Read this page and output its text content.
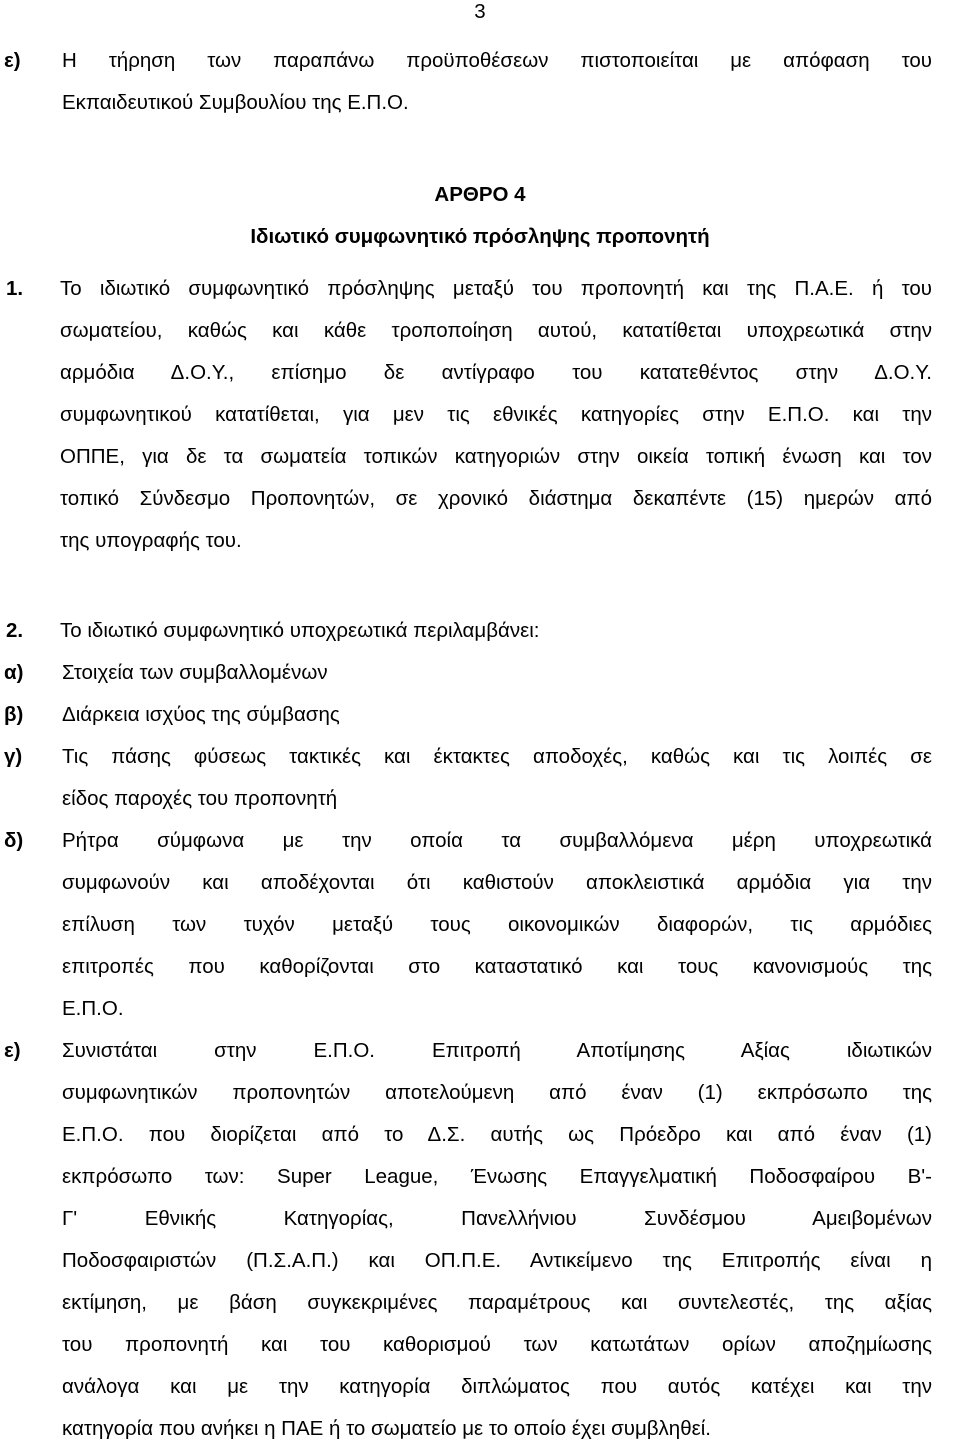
3
ε)	Η τήρηση των παραπάνω προϋποθέσεων πιστοποιείται με απόφαση του
Εκπαιδευτικού Συμβουλίου της Ε.Π.Ο.
ΑΡΘΡΟ 4
Ιδιωτικό συμφωνητικό πρόσληψης προπονητή
1.	Το ιδιωτικό συμφωνητικό πρόσληψης μεταξύ του προπονητή και της Π.Α.Ε. ή του
σωματείου, καθώς και κάθε τροποποίηση αυτού, κατατίθεται υποχρεωτικά στην
αρμόδια Δ.Ο.Υ., επίσημο δε αντίγραφο του κατατεθέντος στην Δ.Ο.Υ.
συμφωνητικού κατατίθεται, για μεν τις εθνικές κατηγορίες στην Ε.Π.Ο. και την
ΟΠΠΕ, για δε τα σωματεία τοπικών κατηγοριών στην οικεία τοπική ένωση και τον
τοπικό Σύνδεσμο Προπονητών, σε χρονικό διάστημα δεκαπέντε (15) ημερών από
της υπογραφής του.
2.	Το ιδιωτικό συμφωνητικό υποχρεωτικά περιλαμβάνει:
α)	Στοιχεία των συμβαλλομένων
β)	Διάρκεια ισχύος της σύμβασης
γ)	Τις πάσης φύσεως τακτικές και έκτακτες αποδοχές, καθώς και τις λοιπές σε
είδος παροχές του προπονητή
δ)	Ρήτρα σύμφωνα με την οποία τα συμβαλλόμενα μέρη υποχρεωτικά
συμφωνούν και αποδέχονται ότι καθιστούν αποκλειστικά αρμόδια για την
επίλυση των τυχόν μεταξύ τους οικονομικών διαφορών, τις αρμόδιες
επιτροπές που καθορίζονται στο καταστατικό και τους κανονισμούς της
Ε.Π.Ο.
ε)	Συνιστάται στην Ε.Π.Ο. Επιτροπή Αποτίμησης Αξίας ιδιωτικών
συμφωνητικών προπονητών αποτελούμενη από έναν (1) εκπρόσωπο της
Ε.Π.Ο. που διορίζεται από το Δ.Σ. αυτής ως Πρόεδρο και από έναν (1)
εκπρόσωπο των: Super League, Ένωσης Επαγγελματική Ποδοσφαίρου Β'-
Γ' Εθνικής Κατηγορίας, Πανελλήνιου Συνδέσμου Αμειβομένων
Ποδοσφαιριστών (Π.Σ.Α.Π.) και ΟΠ.Π.Ε. Αντικείμενο της Επιτροπής είναι η
εκτίμηση, με βάση συγκεκριμένες παραμέτρους και συντελεστές, της αξίας
του προπονητή και του καθορισμού των κατωτάτων ορίων αποζημίωσης
ανάλογα και με την κατηγορία διπλώματος που αυτός κατέχει και την
κατηγορία που ανήκει η ΠΑΕ ή το σωματείο με το οποίο έχει συμβληθεί.
